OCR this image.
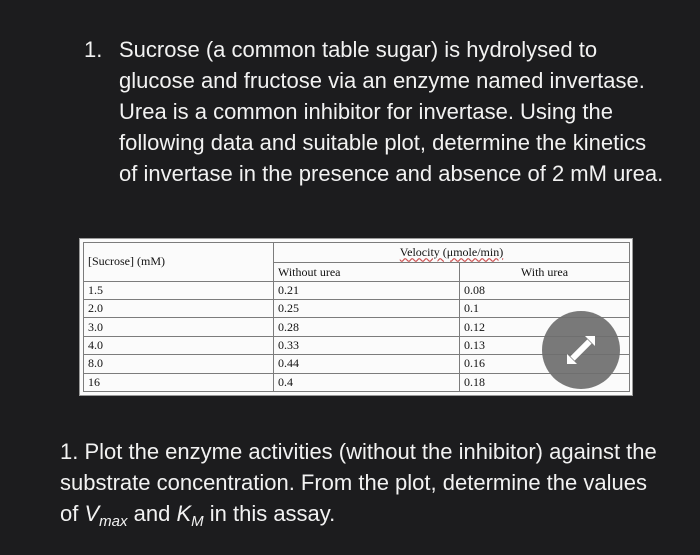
1. Sucrose (a common table sugar) is hydrolysed to glucose and fructose via an enzyme named invertase. Urea is a common inhibitor for invertase. Using the following data and suitable plot, determine the kinetics of invertase in the presence and absence of 2 mM urea.
[Sucrose] (mM)	Velocity (μmole/min)	
	Without urea	With urea
1.5	0.21	0.08
2.0	0.25	0.1
3.0	0.28	0.12
4.0	0.33	0.13
8.0	0.44	0.16
16	0.4	0.18
1. Plot the enzyme activities (without the inhibitor) against the substrate concentration. From the plot, determine the values of $V_{max}$ and $K_M$ in this assay.
